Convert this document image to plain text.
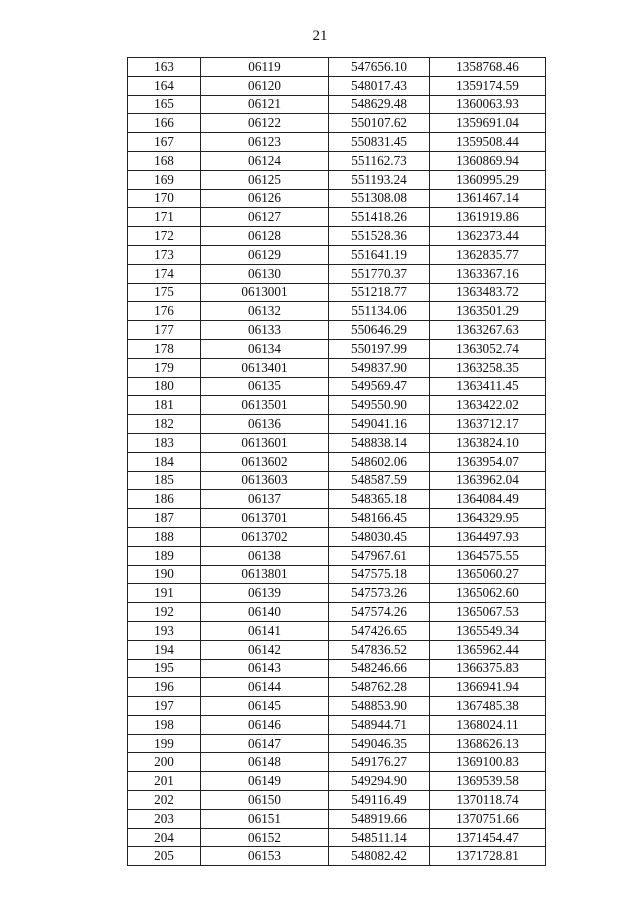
21
163	06119	547656.10	1358768.46
164	06120	548017.43	1359174.59
165	06121	548629.48	1360063.93
166	06122	550107.62	1359691.04
167	06123	550831.45	1359508.44
168	06124	551162.73	1360869.94
169	06125	551193.24	1360995.29
170	06126	551308.08	1361467.14
171	06127	551418.26	1361919.86
172	06128	551528.36	1362373.44
173	06129	551641.19	1362835.77
174	06130	551770.37	1363367.16
175	0613001	551218.77	1363483.72
176	06132	551134.06	1363501.29
177	06133	550646.29	1363267.63
178	06134	550197.99	1363052.74
179	0613401	549837.90	1363258.35
180	06135	549569.47	1363411.45
181	0613501	549550.90	1363422.02
182	06136	549041.16	1363712.17
183	0613601	548838.14	1363824.10
184	0613602	548602.06	1363954.07
185	0613603	548587.59	1363962.04
186	06137	548365.18	1364084.49
187	0613701	548166.45	1364329.95
188	0613702	548030.45	1364497.93
189	06138	547967.61	1364575.55
190	0613801	547575.18	1365060.27
191	06139	547573.26	1365062.60
192	06140	547574.26	1365067.53
193	06141	547426.65	1365549.34
194	06142	547836.52	1365962.44
195	06143	548246.66	1366375.83
196	06144	548762.28	1366941.94
197	06145	548853.90	1367485.38
198	06146	548944.71	1368024.11
199	06147	549046.35	1368626.13
200	06148	549176.27	1369100.83
201	06149	549294.90	1369539.58
202	06150	549116.49	1370118.74
203	06151	548919.66	1370751.66
204	06152	548511.14	1371454.47
205	06153	548082.42	1371728.81
